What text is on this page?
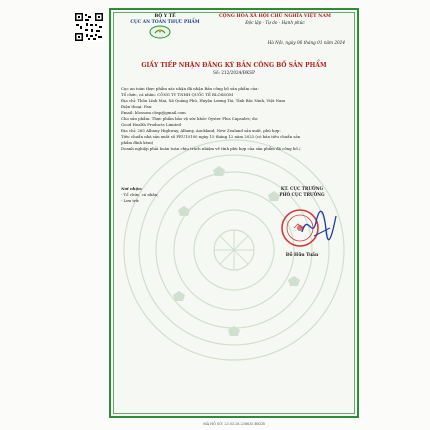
BỘ Y TẾ
CỤC AN TOÀN THỰC PHẨM
CỘNG HÒA XÃ HỘI CHỦ NGHĨA VIỆT NAM
Độc lập - Tự do - Hạnh phúc
Hà Nội, ngày 06 tháng 01 năm 2024
GIẤY TIẾP NHẬN ĐĂNG KÝ BẢN CÔNG BỐ SẢN PHẨM
Số: 212/2024/ĐKSP
Cục an toàn thực phẩm xác nhận đã nhận Bản công bố sản phẩm của:
Tổ chức, cá nhân: CÔNG TY TNHH QUỐC TẾ BLOSSOM
Địa chỉ: Thôn Lĩnh Mai, Xã Quảng Phú, Huyện Lương Tài, Tỉnh Bắc Ninh, Việt Nam
Điện thoại: Fax:
Email: blossom.cbsp@gmail.com
Cho sản phẩm: Thực phẩm bảo vệ sức khỏe Oyster Plus Capsules; do:
Good Health Products Limited
Địa chỉ: 265 Albany Highway, Albany, Auckland, New Zealand sản xuất, phù hợp:
Tiêu chuẩn nhà sản xuất số FEU10100 ngày 15 tháng 12 năm 2023 (có bản tiêu chuẩn sản
phẩm đính kèm)
Doanh nghiệp phải hoàn toàn chịu trách nhiệm về tính phù hợp của sản phẩm đã công bố./.
Nơi nhận:
- Tổ chức, cá nhân;
- Lưu trữ.
KT. CỤC TRƯỞNG
PHÓ CỤC TRƯỞNG
Đỗ Hữu Tuấn
MÃ HỒ SƠ: 23.03.28.238635.ĐKCB
